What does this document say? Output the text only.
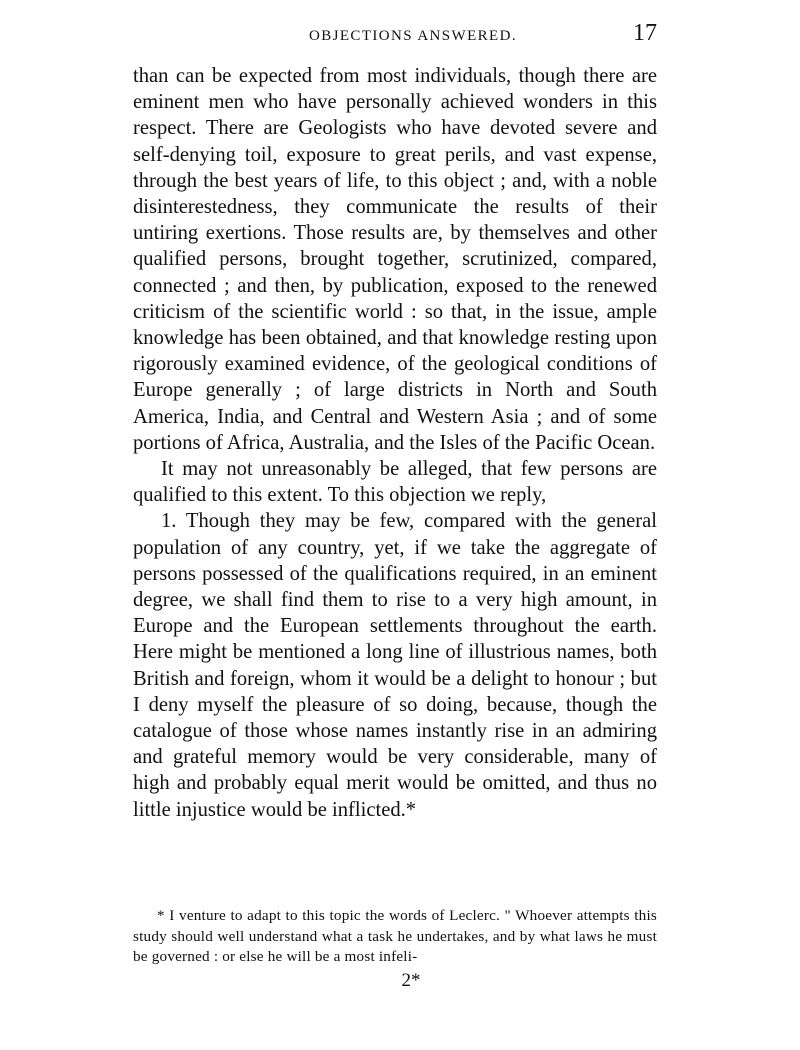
OBJECTIONS ANSWERED.	17

than can be expected from most individuals, though there are eminent men who have personally achieved wonders in this respect. There are Geologists who have devoted severe and self-denying toil, exposure to great perils, and vast expense, through the best years of life, to this object ; and, with a noble disinterestedness, they communicate the results of their untiring exertions. Those results are, by themselves and other qualified persons, brought together, scrutinized, compared, connected ; and then, by publication, exposed to the renewed criticism of the scientific world : so that, in the issue, ample knowledge has been obtained, and that knowledge resting upon rigorously examined evidence, of the geological conditions of Europe generally ; of large districts in North and South America, India, and Central and Western Asia ; and of some portions of Africa, Australia, and the Isles of the Pacific Ocean.

It may not unreasonably be alleged, that few persons are qualified to this extent. To this objection we reply,

1. Though they may be few, compared with the general population of any country, yet, if we take the aggregate of persons possessed of the qualifications required, in an eminent degree, we shall find them to rise to a very high amount, in Europe and the European settlements throughout the earth. Here might be mentioned a long line of illustrious names, both British and foreign, whom it would be a delight to honour ; but I deny myself the pleasure of so doing, because, though the catalogue of those whose names instantly rise in an admiring and grateful memory would be very considerable, many of high and probably equal merit would be omitted, and thus no little injustice would be inflicted.*

* I venture to adapt to this topic the words of Leclerc. " Whoever attempts this study should well understand what a task he undertakes, and by what laws he must be governed : or else he will be a most infeli-
2*
